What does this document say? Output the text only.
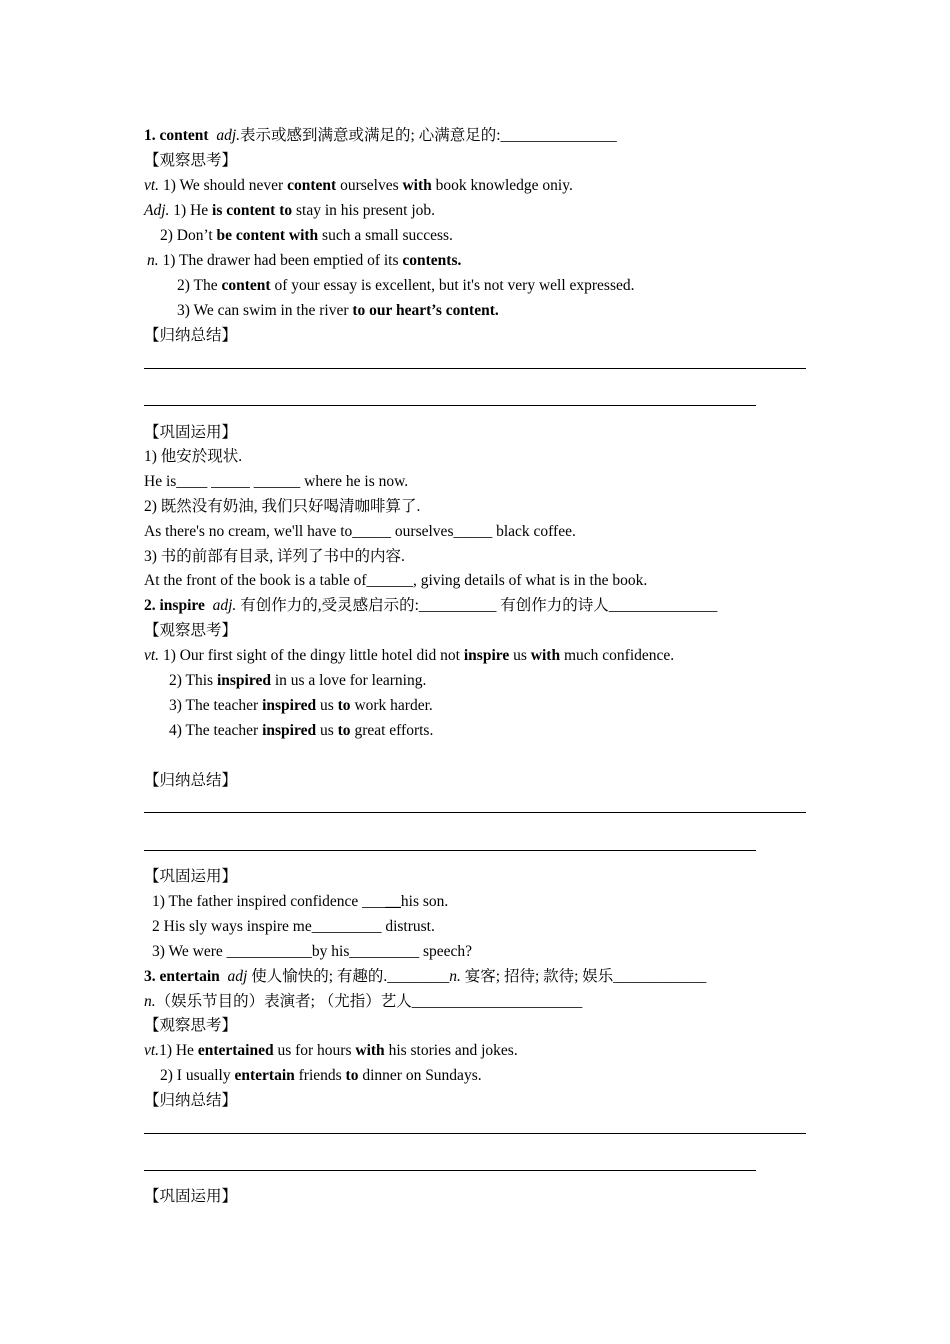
1. content adj.表示或感到满意或满足的; 心满意足的:_______________
【观察思考】
vt. 1) We should never content ourselves with book knowledge oniy.
Adj. 1) He is content to stay in his present job.
2) Don’t be content with such a small success.
n. 1) The drawer had been emptied of its contents.
2) The content of your essay is excellent, but it's not very well expressed.
3) We can swim in the river to our heart’s content.
【归纳总结】
【巩固运用】
1) 他安於现状.
He is____ _____ ______ where he is now.
2) 既然没有奶油, 我们只好喝清咖啡算了.
As there's no cream, we'll have to_____ ourselves_____ black coffee.
3) 书的前部有目录, 详列了书中的内容.
At the front of the book is a table of______, giving details of what is in the book.
2. inspire adj. 有创作力的,受灵感启示的:__________ 有创作力的诗人______________
【观察思考】
vt. 1) Our first sight of the dingy little hotel did not inspire us with much confidence.
2) This inspired in us a love for learning.
3) The teacher inspired us to work harder.
4) The teacher inspired us to great efforts.
【归纳总结】
【巩固运用】
1) The father inspired confidence _____his son.
2 His sly ways inspire me_________ distrust.
3) We were ___________by his_________ speech?
3. entertain adj 使人愉快的; 有趣的.________n. 宴客; 招待; 款待; 娱乐____________
n.（娱乐节目的）表演者; （尤指）艺人______________________
【观察思考】
vt.1) He entertained us for hours with his stories and jokes.
2) I usually entertain friends to dinner on Sundays.
【归纳总结】
【巩固运用】
